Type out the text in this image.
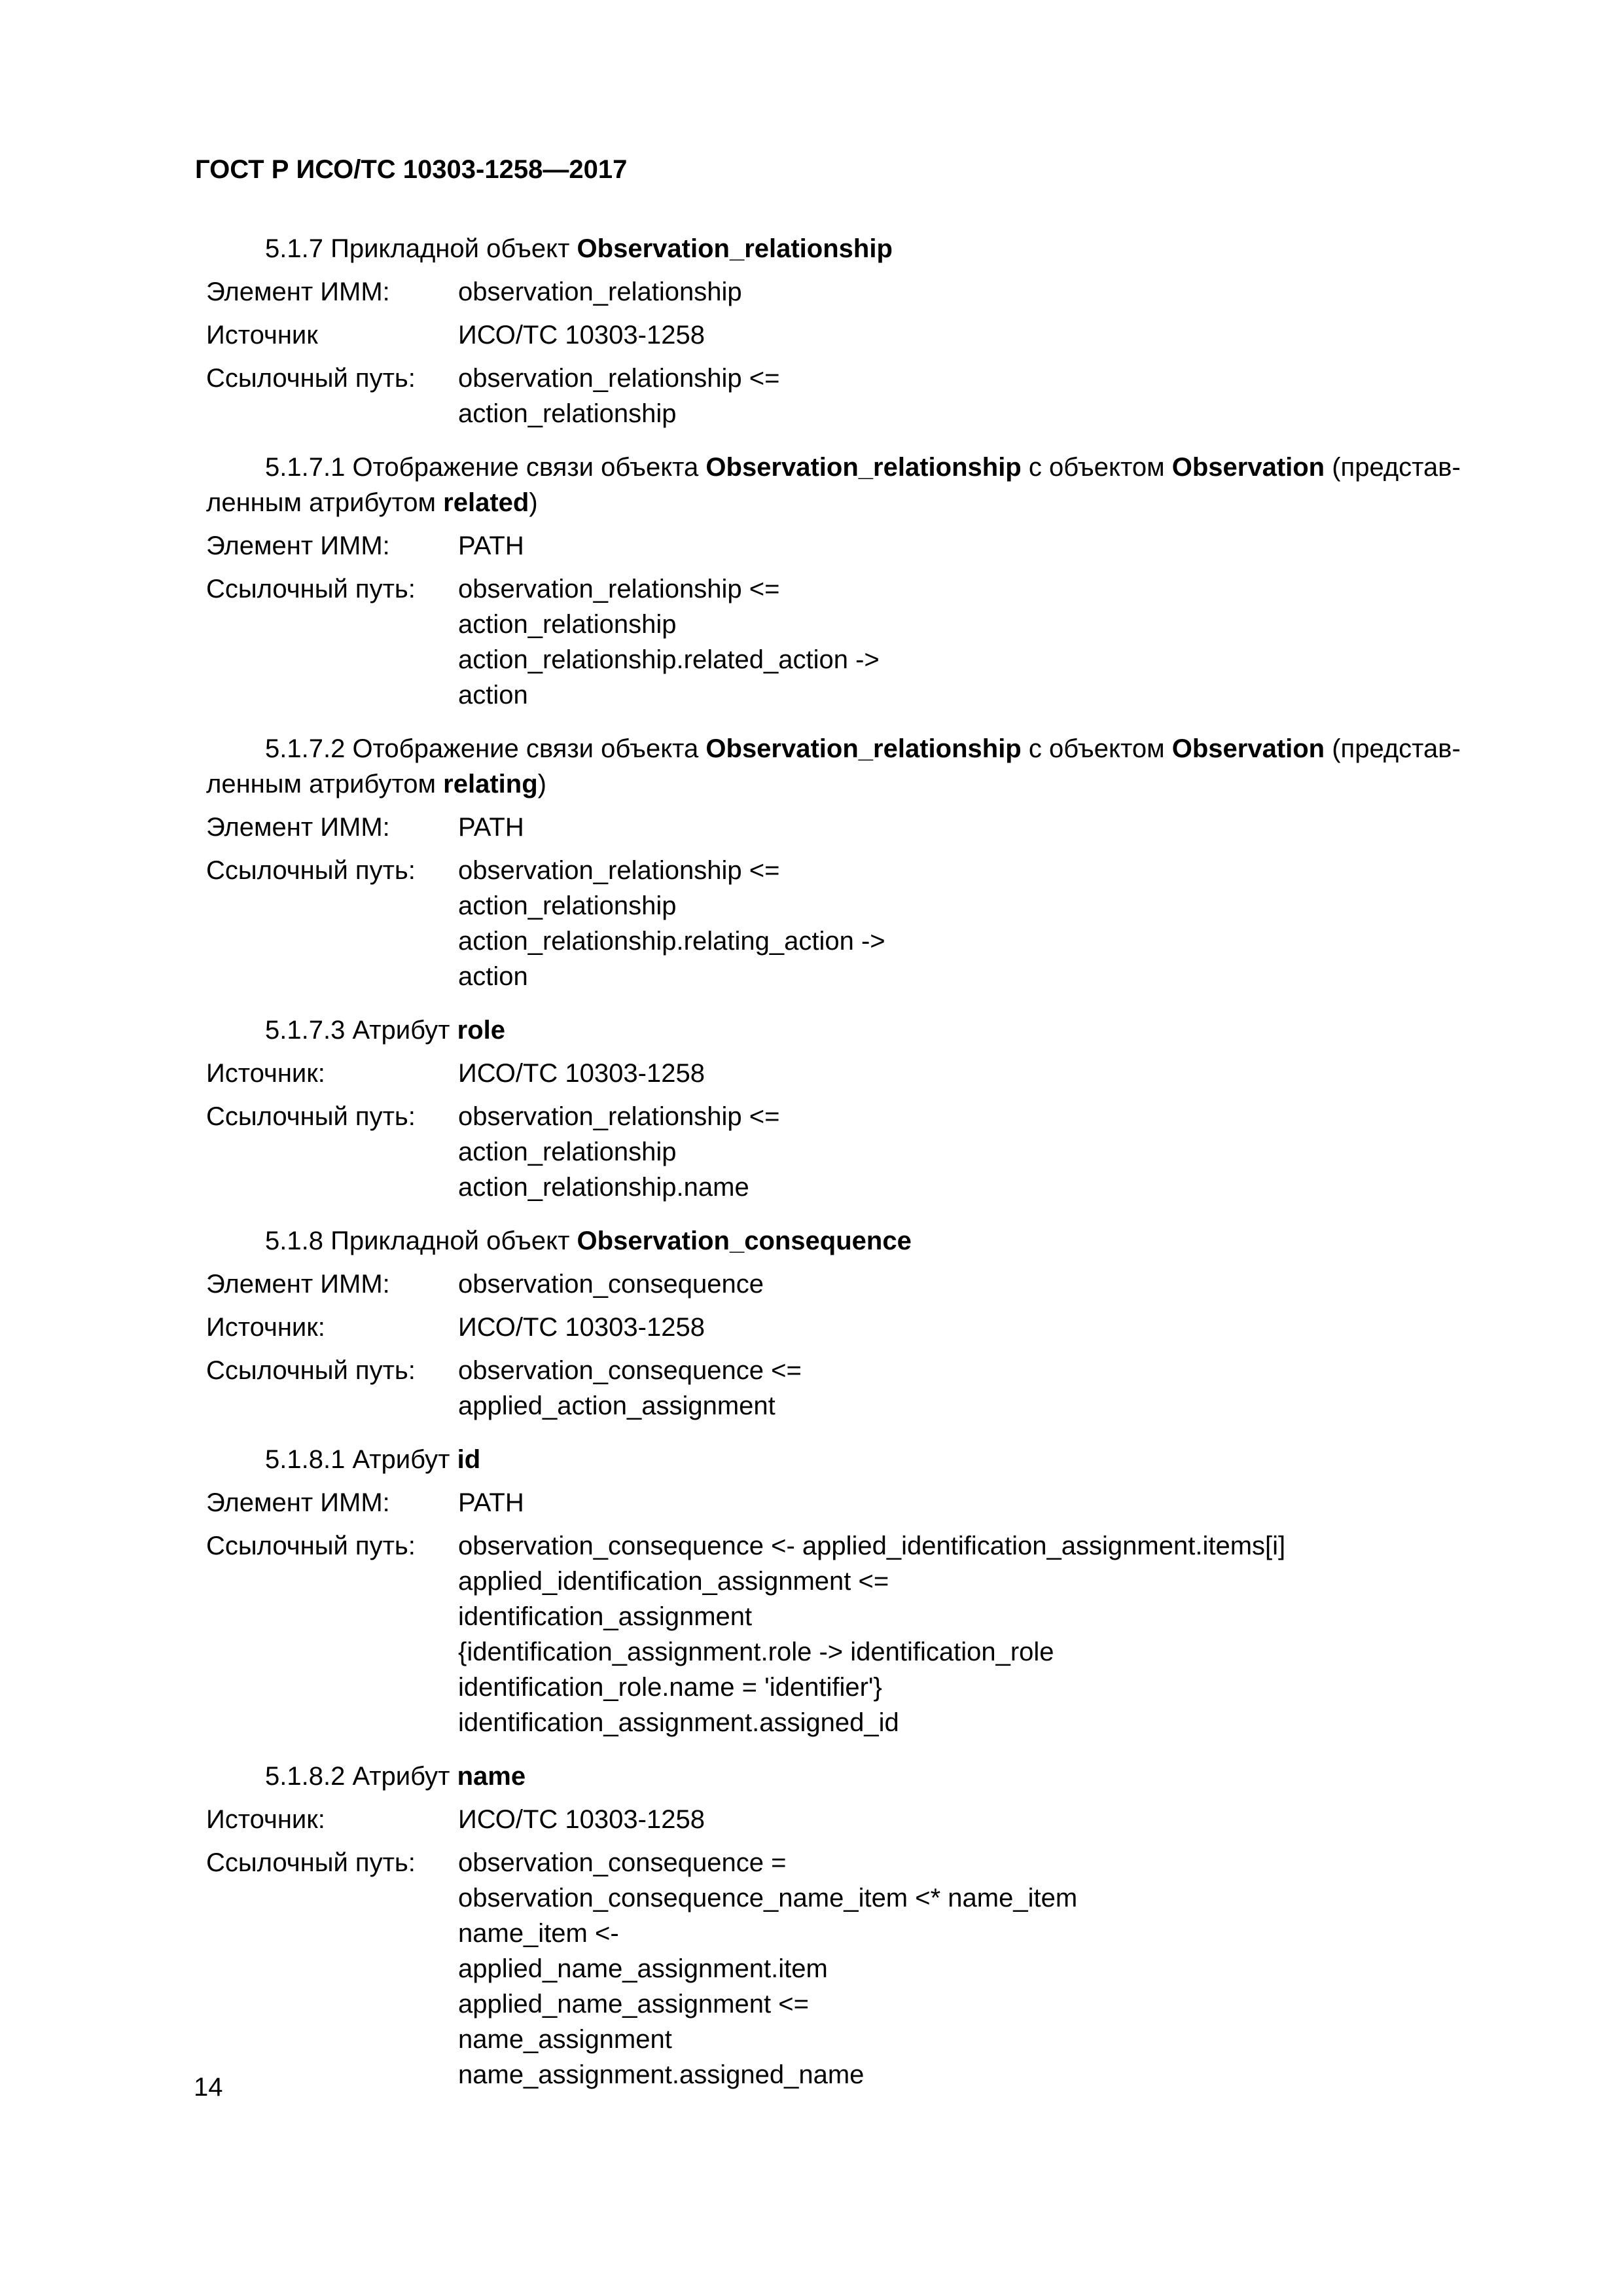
ГОСТ Р ИСО/ТС 10303-1258—2017
5.1.7 Прикладной объект Observation_relationship
Элемент ИММ:	observation_relationship
Источник	ИСО/ТС 10303-1258
Ссылочный путь:	observation_relationship <=
action_relationship
5.1.7.1 Отображение связи объекта Observation_relationship с объектом Observation (представ-
ленным атрибутом related)
Элемент ИММ:	PATH
Ссылочный путь:	observation_relationship <=
action_relationship
action_relationship.related_action ->
action
5.1.7.2 Отображение связи объекта Observation_relationship с объектом Observation (представ-
ленным атрибутом relating)
Элемент ИММ:	PATH
Ссылочный путь:	observation_relationship <=
action_relationship
action_relationship.relating_action ->
action
5.1.7.3 Атрибут role
Источник:	ИСО/ТС 10303-1258
Ссылочный путь:	observation_relationship <=
action_relationship
action_relationship.name
5.1.8 Прикладной объект Observation_consequence
Элемент ИММ:	observation_consequence
Источник:	ИСО/ТС 10303-1258
Ссылочный путь:	observation_consequence <=
applied_action_assignment
5.1.8.1 Атрибут id
Элемент ИММ:	PATH
Ссылочный путь:	observation_consequence <- applied_identification_assignment.items[i]
applied_identification_assignment <=
identification_assignment
{identification_assignment.role -> identification_role
identification_role.name = 'identifier'}
identification_assignment.assigned_id
5.1.8.2 Атрибут name
Источник:	ИСО/ТС 10303-1258
Ссылочный путь:	observation_consequence =
observation_consequence_name_item <* name_item
name_item <-
applied_name_assignment.item
applied_name_assignment <=
name_assignment
name_assignment.assigned_name
14
